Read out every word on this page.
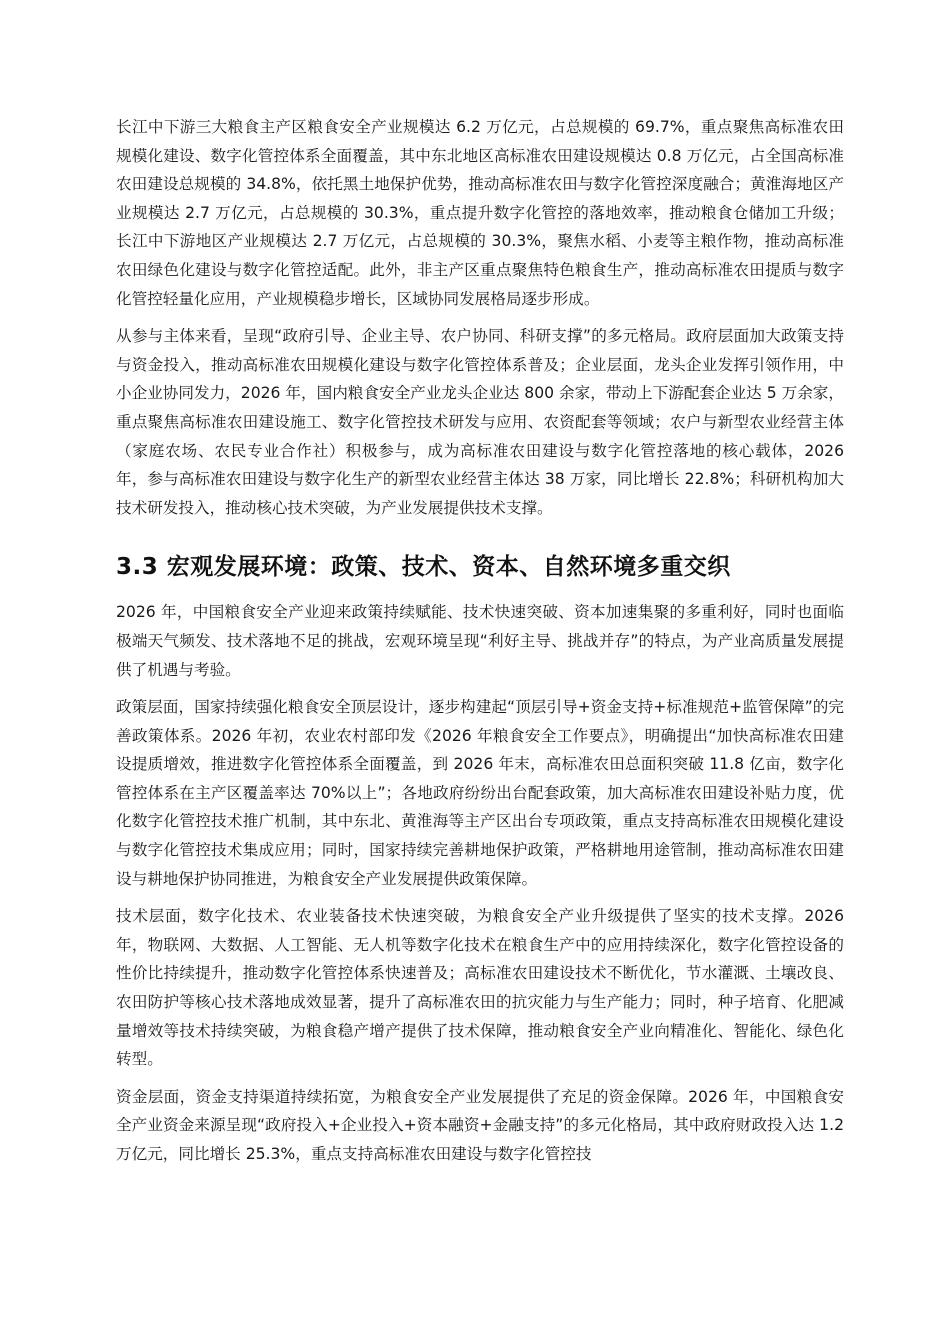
长江中下游三大粮食主产区粮食安全产业规模达 6.2 万亿元，占总规模的 69.7%，重点聚焦高标准农田规模化建设、数字化管控体系全面覆盖，其中东北地区高标准农田建设规模达 0.8 万亿元，占全国高标准农田建设总规模的 34.8%，依托黑土地保护优势，推动高标准农田与数字化管控深度融合；黄淮海地区产业规模达 2.7 万亿元，占总规模的 30.3%，重点提升数字化管控的落地效率，推动粮食仓储加工升级；长江中下游地区产业规模达 2.7 万亿元，占总规模的 30.3%，聚焦水稻、小麦等主粮作物，推动高标准农田绿色化建设与数字化管控适配。此外，非主产区重点聚焦特色粮食生产，推动高标准农田提质与数字化管控轻量化应用，产业规模稳步增长，区域协同发展格局逐步形成。

从参与主体来看，呈现“政府引导、企业主导、农户协同、科研支撑”的多元格局。政府层面加大政策支持与资金投入，推动高标准农田规模化建设与数字化管控体系普及；企业层面，龙头企业发挥引领作用，中小企业协同发力，2026 年，国内粮食安全产业龙头企业达 800 余家，带动上下游配套企业达 5 万余家，重点聚焦高标准农田建设施工、数字化管控技术研发与应用、农资配套等领域；农户与新型农业经营主体（家庭农场、农民专业合作社）积极参与，成为高标准农田建设与数字化管控落地的核心载体，2026 年，参与高标准农田建设与数字化生产的新型农业经营主体达 38 万家，同比增长 22.8%；科研机构加大技术研发投入，推动核心技术突破，为产业发展提供技术支撑。

3.3 宏观发展环境：政策、技术、资本、自然环境多重交织

2026 年，中国粮食安全产业迎来政策持续赋能、技术快速突破、资本加速集聚的多重利好，同时也面临极端天气频发、技术落地不足的挑战，宏观环境呈现“利好主导、挑战并存”的特点，为产业高质量发展提供了机遇与考验。

政策层面，国家持续强化粮食安全顶层设计，逐步构建起“顶层引导+资金支持+标准规范+监管保障”的完善政策体系。2026 年初，农业农村部印发《2026 年粮食安全工作要点》，明确提出“加快高标准农田建设提质增效，推进数字化管控体系全面覆盖，到 2026 年末，高标准农田总面积突破 11.8 亿亩，数字化管控体系在主产区覆盖率达 70%以上”；各地政府纷纷出台配套政策，加大高标准农田建设补贴力度，优化数字化管控技术推广机制，其中东北、黄淮海等主产区出台专项政策，重点支持高标准农田规模化建设与数字化管控技术集成应用；同时，国家持续完善耕地保护政策，严格耕地用途管制，推动高标准农田建设与耕地保护协同推进，为粮食安全产业发展提供政策保障。

技术层面，数字化技术、农业装备技术快速突破，为粮食安全产业升级提供了坚实的技术支撑。2026 年，物联网、大数据、人工智能、无人机等数字化技术在粮食生产中的应用持续深化，数字化管控设备的性价比持续提升，推动数字化管控体系快速普及；高标准农田建设技术不断优化，节水灌溉、土壤改良、农田防护等核心技术落地成效显著，提升了高标准农田的抗灾能力与生产能力；同时，种子培育、化肥减量增效等技术持续突破，为粮食稳产增产提供了技术保障，推动粮食安全产业向精准化、智能化、绿色化转型。

资金层面，资金支持渠道持续拓宽，为粮食安全产业发展提供了充足的资金保障。2026 年，中国粮食安全产业资金来源呈现“政府投入+企业投入+资本融资+金融支持”的多元化格局，其中政府财政投入达 1.2 万亿元，同比增长 25.3%，重点支持高标准农田建设与数字化管控技
